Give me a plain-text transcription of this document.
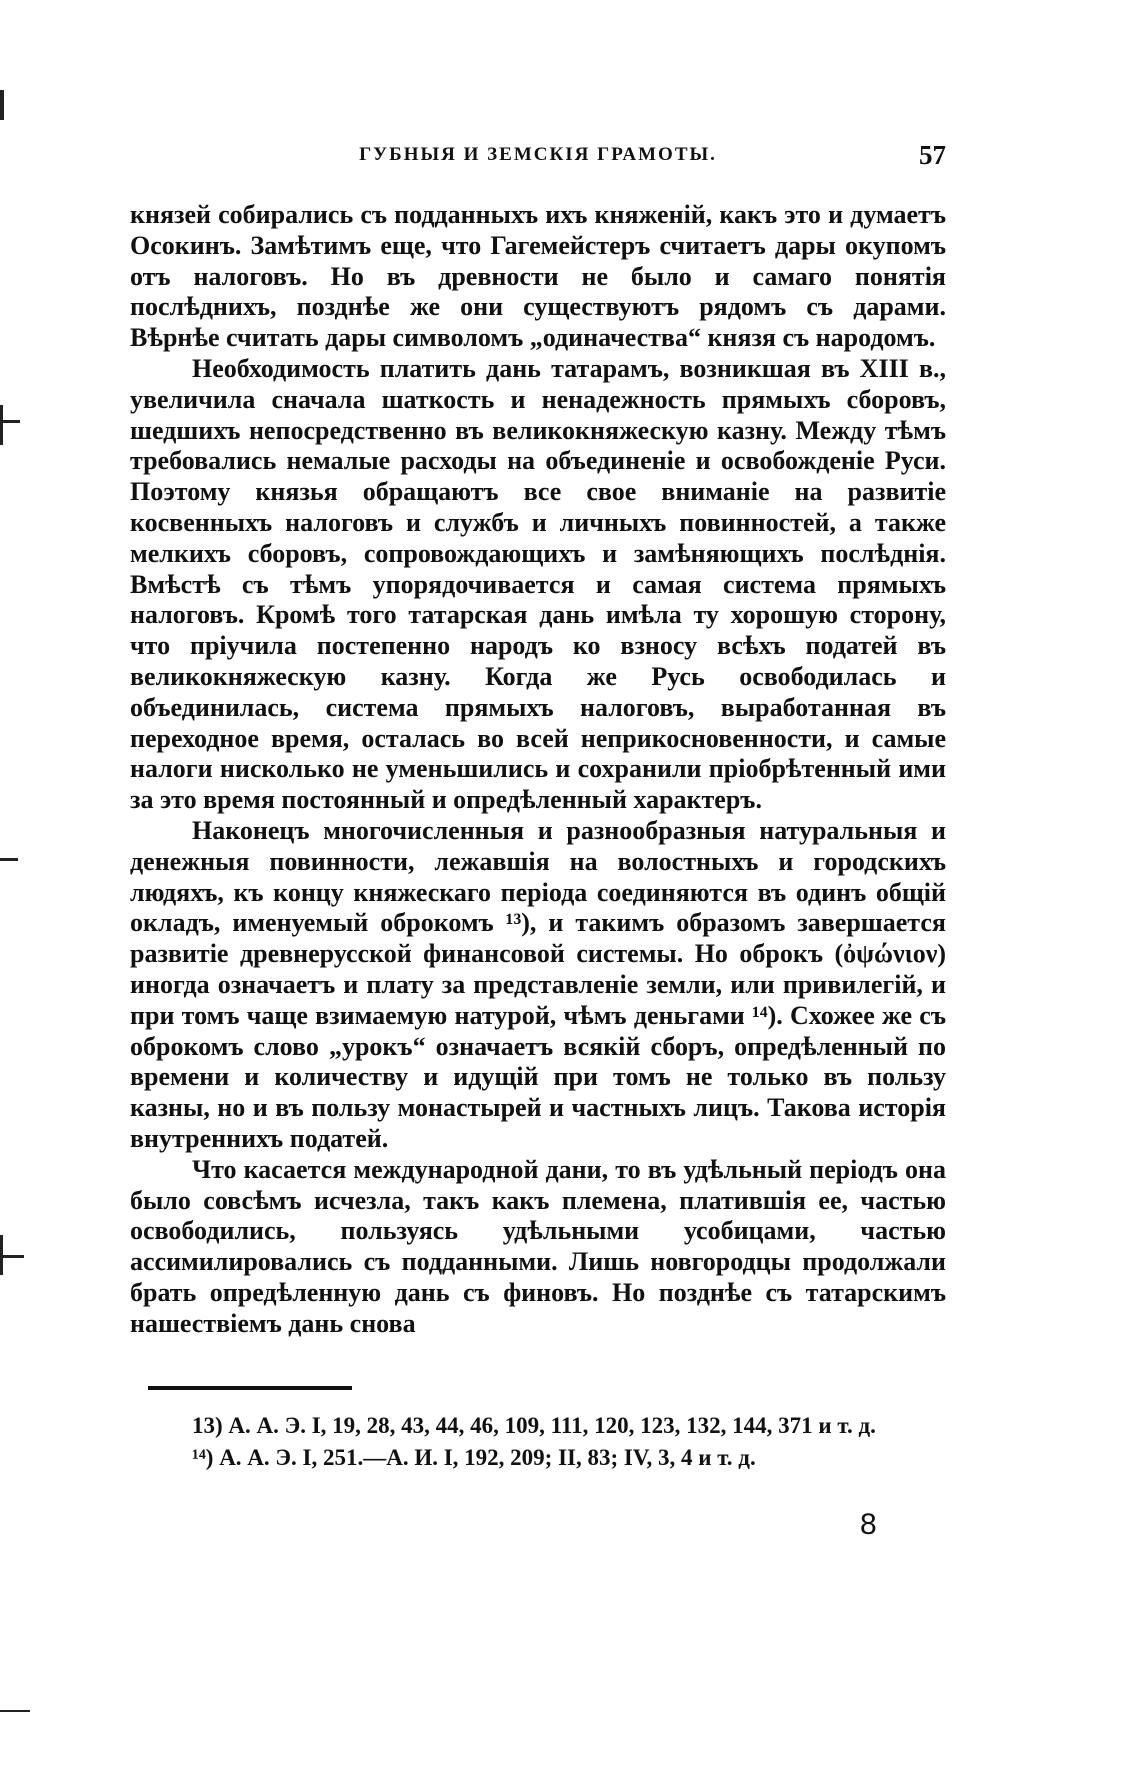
ГУБНЫЯ И ЗЕМСКІЯ ГРАМОТЫ.	57

князей собирались съ подданныхъ ихъ княженій, какъ это и думаетъ Осокинъ. Замѣтимъ еще, что Гагемейстеръ считаетъ дары окупомъ отъ налоговъ. Но въ древности не было и самаго понятія послѣднихъ, позднѣе же они существуютъ рядомъ съ дарами. Вѣрнѣе считать дары символомъ „одиначества“ князя съ народомъ.

Необходимость платить дань татарамъ, возникшая въ XIII в., увеличила сначала шаткость и ненадежность прямыхъ сборовъ, шедшихъ непосредственно въ великокняжескую казну. Между тѣмъ требовались немалые расходы на объединеніе и освобожденіе Руси. Поэтому князья обращаютъ все свое вниманіе на развитіе косвенныхъ налоговъ и службъ и личныхъ повинностей, а также мелкихъ сборовъ, сопровождающихъ и замѣняющихъ послѣднія. Вмѣстѣ съ тѣмъ упорядочивается и самая система прямыхъ налоговъ. Кромѣ того татарская дань имѣла ту хорошую сторону, что пріучила постепенно народъ ко взносу всѣхъ податей въ великокняжескую казну. Когда же Русь освободилась и объединилась, система прямыхъ налоговъ, выработанная въ переходное время, осталась во всей неприкосновенности, и самые налоги нисколько не уменьшились и сохранили пріобрѣтенный ими за это время постоянный и опредѣленный характеръ.

Наконецъ многочисленныя и разнообразныя натуральныя и денежныя повинности, лежавшія на волостныхъ и городскихъ людяхъ, къ концу княжескаго періода соединяются въ одинъ общій окладъ, именуемый оброкомъ ¹³), и такимъ образомъ завершается развитіе древнерусской финансовой системы. Но оброкъ (ὀψώνιον) иногда означаетъ и плату за представленіе земли, или привилегій, и при томъ чаще взимаемую натурой, чѣмъ деньгами ¹⁴). Схожее же съ оброкомъ слово „урокъ“ означаетъ всякій сборъ, опредѣленный по времени и количеству и идущій при томъ не только въ пользу казны, но и въ пользу монастырей и частныхъ лицъ. Такова исторія внутреннихъ податей.

Что касается международной дани, то въ удѣльный періодъ она было совсѣмъ исчезла, такъ какъ племена, платившія ее, частью освободились, пользуясь удѣльными усобицами, частью ассимилировались съ подданными. Лишь новгородцы продолжали брать опредѣленную дань съ финовъ. Но позднѣе съ татарскимъ нашествіемъ дань снова

13) А. А. Э. I, 19, 28, 43, 44, 46, 109, 111, 120, 123, 132, 144, 371 и т. д.

¹⁴) А. А. Э. I, 251.—А. И. I, 192, 209; II, 83; IV, 3, 4 и т. д.

8
